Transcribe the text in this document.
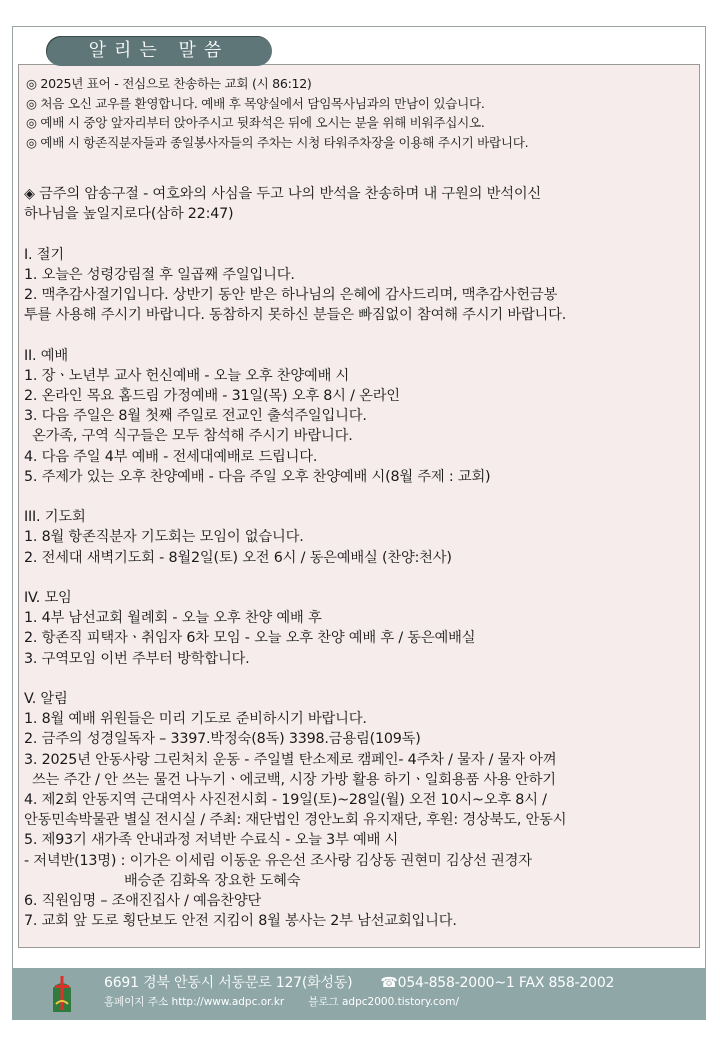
알리는 말씀
◎ 2025년 표어 - 전심으로 찬송하는 교회 (시 86:12)
◎ 처음 오신 교우를 환영합니다. 예배 후 목양실에서 담임목사님과의 만남이 있습니다.
◎ 예배 시 중앙 앞자리부터 앉아주시고 뒷좌석은 뒤에 오시는 분을 위해 비워주십시오.
◎ 예배 시 항존직분자들과 종일봉사자들의 주차는 시청 타워주차장을 이용해 주시기 바랍니다.
◈ 금주의 암송구절 - 여호와의 사심을 두고 나의 반석을 찬송하며 내 구원의 반석이신
하나님을 높일지로다(삼하 22:47)
I. 절기
1. 오늘은 성령강림절 후 일곱째 주일입니다.
2. 맥추감사절기입니다. 상반기 동안 받은 하나님의 은혜에 감사드리며, 맥추감사헌금봉
투를 사용해 주시기 바랍니다. 동참하지 못하신 분들은 빠짐없이 참여해 주시기 바랍니다.
II. 예배
1. 장ㆍ노년부 교사 헌신예배 - 오늘 오후 찬양예배 시
2. 온라인 목요 홈드림 가정예배 - 31일(목) 오후 8시 / 온라인
3. 다음 주일은 8월 첫째 주일로 전교인 출석주일입니다.
온가족, 구역 식구들은 모두 참석해 주시기 바랍니다.
4. 다음 주일 4부 예배 - 전세대예배로 드립니다.
5. 주제가 있는 오후 찬양예배 - 다음 주일 오후 찬양예배 시(8월 주제 : 교회)
III. 기도회
1. 8월 항존직분자 기도회는 모임이 없습니다.
2. 전세대 새벽기도회 - 8월2일(토) 오전 6시 / 동은예배실 (찬양:천사)
IV. 모임
1. 4부 남선교회 월례회 - 오늘 오후 찬양 예배 후
2. 항존직 피택자ㆍ취임자 6차 모임 - 오늘 오후 찬양 예배 후 / 동은예배실
3. 구역모임 이번 주부터 방학합니다.
V. 알림
1. 8월 예배 위원들은 미리 기도로 준비하시기 바랍니다.
2. 금주의 성경일독자 – 3397.박정숙(8독) 3398.금용림(109독)
3. 2025년 안동사랑 그린처치 운동 - 주일별 탄소제로 캠페인- 4주차 / 물자 / 물자 아껴
쓰는 주간 / 안 쓰는 물건 나누기ㆍ에코백, 시장 가방 활용 하기ㆍ일회용품 사용 안하기
4. 제2회 안동지역 근대역사 사진전시회 - 19일(토)~28일(월) 오전 10시~오후 8시 /
안동민속박물관 별실 전시실 / 주최: 재단법인 경안노회 유지재단, 후원: 경상북도, 안동시
5. 제93기 새가족 안내과정 저녁반 수료식 - 오늘 3부 예배 시
- 저녁반(13명) : 이가은 이세림 이동운 유은선 조사랑 김상동 권현미 김상선 권경자
배승준 김화옥 장요한 도혜숙
6. 직원임명 – 조애진집사 / 예음찬양단
7. 교회 앞 도로 횡단보도 안전 지킴이 8월 봉사는 2부 남선교회입니다.
6691 경북 안동시 서동문로 127(화성동) ☎054-858-2000~1 FAX 858-2002
홈페이지 주소 http://www.adpc.or.kr 블로그 adpc2000.tistory.com/
